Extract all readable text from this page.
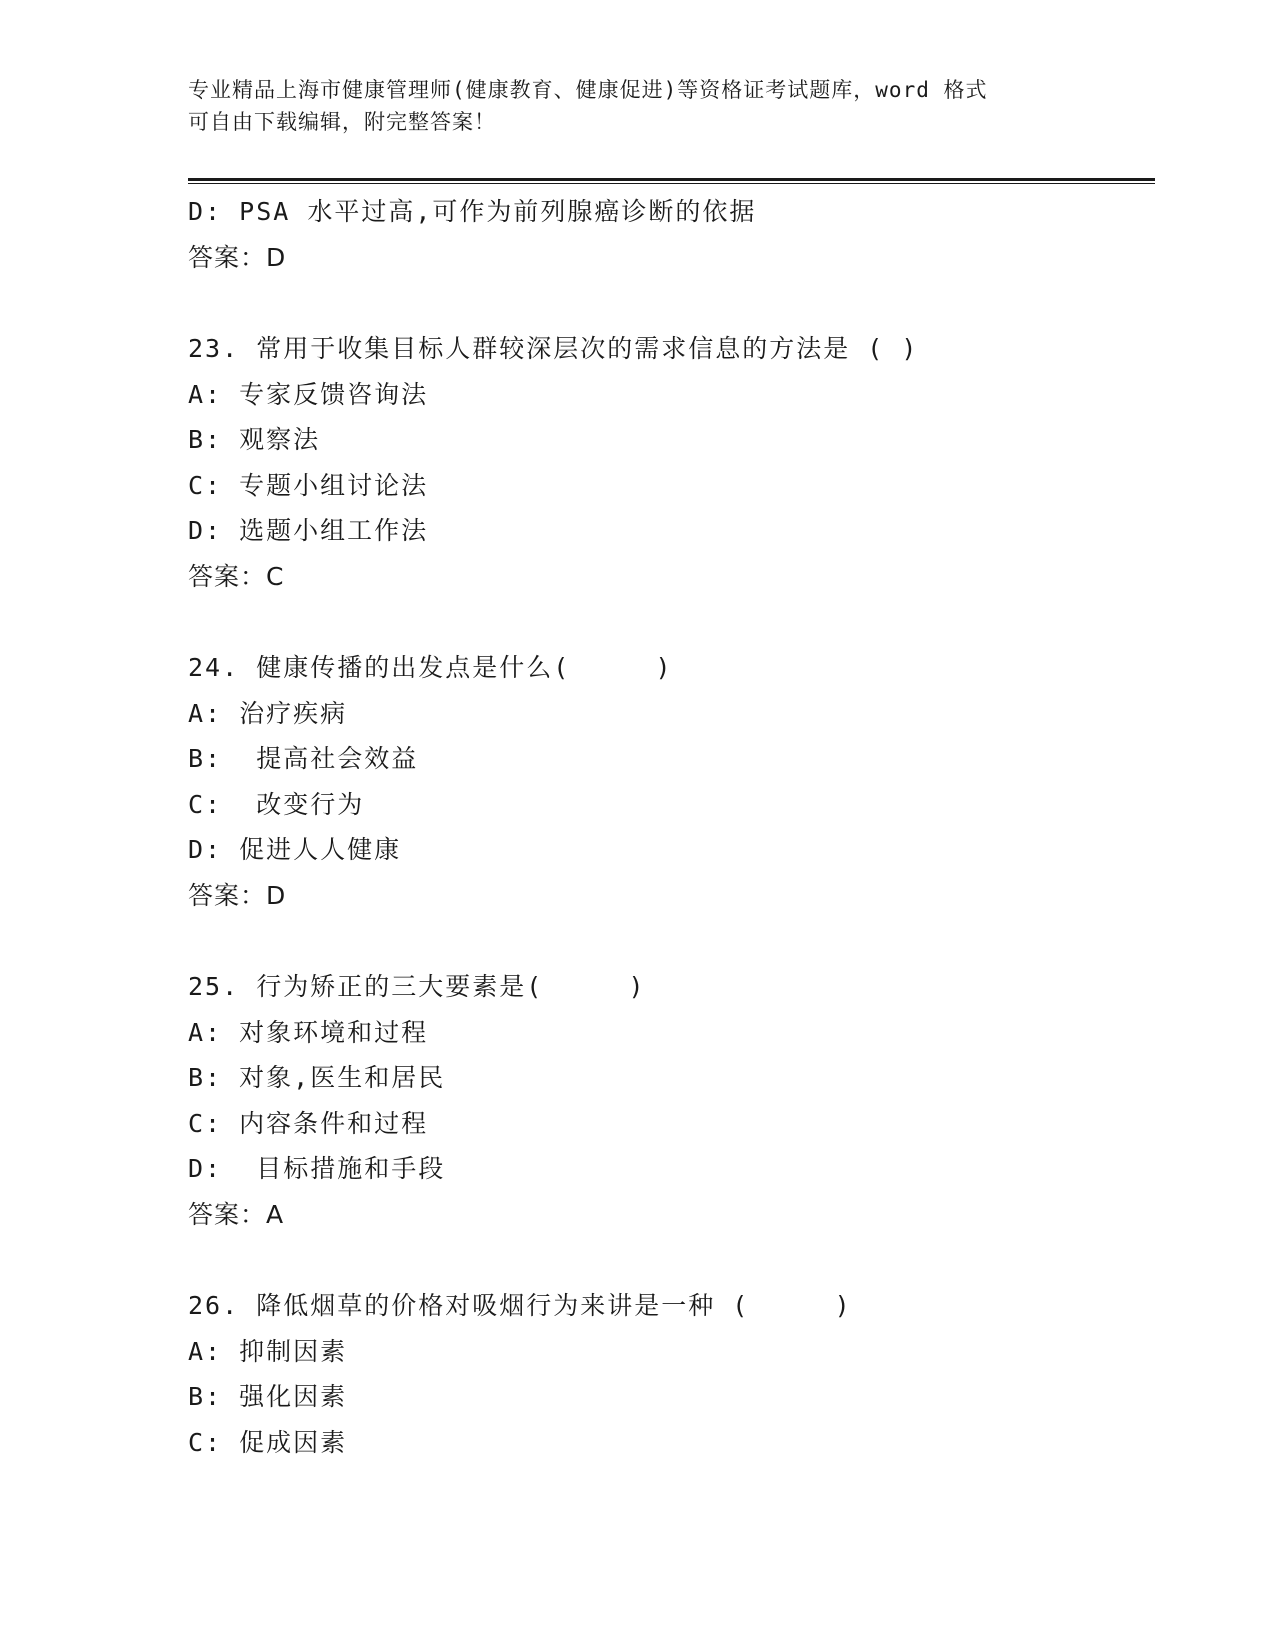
专业精品上海市健康管理师(健康教育、健康促进)等资格证考试题库，word 格式
可自由下载编辑，附完整答案！
D: PSA 水平过高,可作为前列腺癌诊断的依据
答案：D
23. 常用于收集目标人群较深层次的需求信息的方法是 ( )
A: 专家反馈咨询法
B: 观察法
C: 专题小组讨论法
D: 选题小组工作法
答案：C
24. 健康传播的出发点是什么(     )
A: 治疗疾病
B:  提高社会效益
C:  改变行为
D: 促进人人健康
答案：D
25. 行为矫正的三大要素是(     )
A: 对象环境和过程
B: 对象,医生和居民
C: 内容条件和过程
D:  目标措施和手段
答案：A
26. 降低烟草的价格对吸烟行为来讲是一种 (     )
A: 抑制因素
B: 强化因素
C: 促成因素
